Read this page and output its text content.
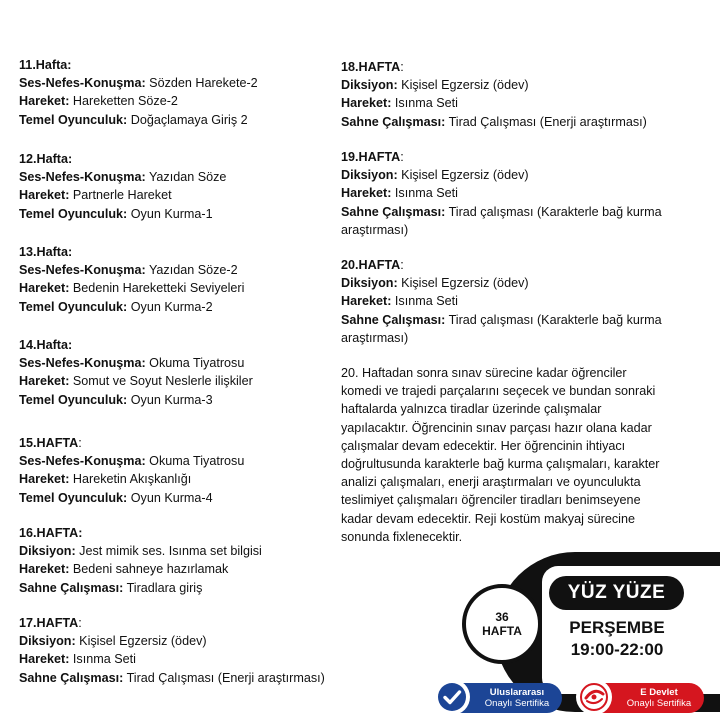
11.Hafta:

Ses-Nefes-Konuşma: Sözden Harekete-2

Hareket: Hareketten Söze-2

Temel Oyunculuk: Doğaçlamaya Giriş 2

12.Hafta:

Ses-Nefes-Konuşma: Yazıdan Söze

Hareket: Partnerle Hareket

Temel Oyunculuk: Oyun Kurma-1

13.Hafta:

Ses-Nefes-Konuşma: Yazıdan Söze-2

Hareket: Bedenin Hareketteki Seviyeleri

Temel Oyunculuk: Oyun Kurma-2

14.Hafta:

Ses-Nefes-Konuşma: Okuma Tiyatrosu

Hareket: Somut ve Soyut Neslerle ilişkiler

Temel Oyunculuk: Oyun Kurma-3

15.HAFTA:

Ses-Nefes-Konuşma: Okuma Tiyatrosu

Hareket: Hareketin Akışkanlığı

Temel Oyunculuk: Oyun Kurma-4

16.HAFTA:

Diksiyon: Jest mimik ses. Isınma set bilgisi

Hareket: Bedeni sahneye hazırlamak

Sahne Çalışması: Tiradlara giriş

17.HAFTA:

Diksiyon: Kişisel Egzersiz (ödev)

Hareket: Isınma Seti

Sahne Çalışması: Tirad Çalışması (Enerji araştırması)

18.HAFTA:

Diksiyon: Kişisel Egzersiz (ödev)

Hareket: Isınma Seti

Sahne Çalışması: Tirad Çalışması (Enerji araştırması)

19.HAFTA:

Diksiyon: Kişisel Egzersiz (ödev)

Hareket: Isınma Seti

Sahne Çalışması: Tirad çalışması (Karakterle bağ kurma araştırması)

20.HAFTA:

Diksiyon: Kişisel Egzersiz (ödev)

Hareket: Isınma Seti

Sahne Çalışması: Tirad çalışması (Karakterle bağ kurma araştırması)

20. Haftadan sonra sınav sürecine kadar öğrenciler

komedi ve trajedi parçalarını seçecek ve bundan sonraki

haftalarda yalnızca tiradlar üzerinde çalışmalar

yapılacaktır. Öğrencinin sınav parçası hazır olana kadar

çalışmalar devam edecektir. Her öğrencinin ihtiyacı

doğrultusunda karakterle bağ kurma çalışmaları, karakter

analizi çalışmaları, enerji araştırmaları ve oyunculukta

teslimiyet çalışmaları öğrenciler tiradları benimseyene

kadar devam edecektir. Reji kostüm makyaj sürecine

sonunda fixlenecektir.

36
HAFTA
YÜZ YÜZE
PERŞEMBE
19:00-22:00
Uluslararası
Onaylı Sertifika
E Devlet
Onaylı Sertifika
